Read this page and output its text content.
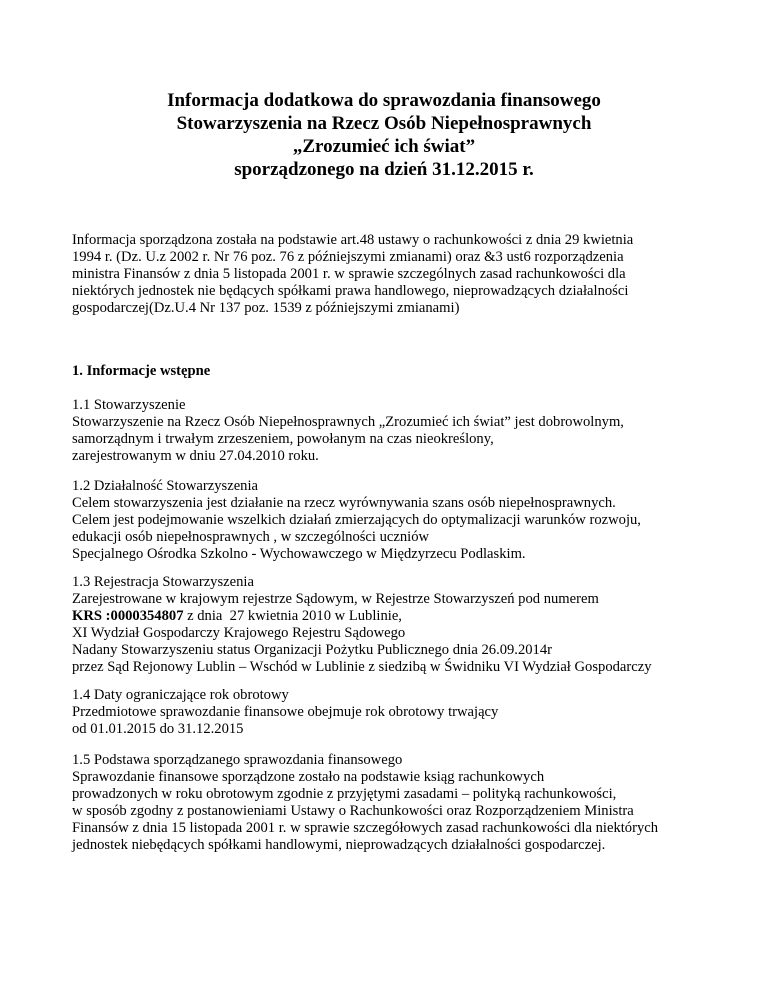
Informacja dodatkowa do sprawozdania finansowego
Stowarzyszenia na Rzecz Osób Niepełnosprawnych
„Zrozumieć ich świat”
sporządzonego na dzień 31.12.2015 r.
Informacja sporządzona została na podstawie art.48 ustawy o rachunkowości z dnia 29 kwietnia
1994 r. (Dz. U.z 2002 r. Nr 76 poz. 76 z późniejszymi zmianami) oraz &3 ust6 rozporządzenia
ministra Finansów z dnia 5 listopada 2001 r. w sprawie szczególnych zasad rachunkowości dla
niektórych jednostek nie będących spółkami prawa handlowego, nieprowadzących działalności
gospodarczej(Dz.U.4 Nr 137 poz. 1539 z późniejszymi zmianami)
1. Informacje wstępne
1.1 Stowarzyszenie
Stowarzyszenie na Rzecz Osób Niepełnosprawnych „Zrozumieć ich świat” jest dobrowolnym,
samorządnym i trwałym zrzeszeniem, powołanym na czas nieokreślony,
zarejestrowanym w dniu 27.04.2010 roku.
1.2 Działalność Stowarzyszenia
Celem stowarzyszenia jest działanie na rzecz wyrównywania szans osób niepełnosprawnych.
Celem jest podejmowanie wszelkich działań zmierzających do optymalizacji warunków rozwoju,
edukacji osób niepełnosprawnych , w szczególności uczniów
Specjalnego Ośrodka Szkolno - Wychowawczego w Międzyrzecu Podlaskim.
1.3 Rejestracja Stowarzyszenia
Zarejestrowane w krajowym rejestrze Sądowym, w Rejestrze Stowarzyszeń pod numerem
KRS :0000354807 z dnia  27 kwietnia 2010 w Lublinie,
XI Wydział Gospodarczy Krajowego Rejestru Sądowego
Nadany Stowarzyszeniu status Organizacji Pożytku Publicznego dnia 26.09.2014r
przez Sąd Rejonowy Lublin – Wschód w Lublinie z siedzibą w Świdniku VI Wydział Gospodarczy
1.4 Daty ograniczające rok obrotowy
Przedmiotowe sprawozdanie finansowe obejmuje rok obrotowy trwający
od 01.01.2015 do 31.12.2015
1.5 Podstawa sporządzanego sprawozdania finansowego
Sprawozdanie finansowe sporządzone zostało na podstawie ksiąg rachunkowych
prowadzonych w roku obrotowym zgodnie z przyjętymi zasadami – polityką rachunkowości,
w sposób zgodny z postanowieniami Ustawy o Rachunkowości oraz Rozporządzeniem Ministra
Finansów z dnia 15 listopada 2001 r. w sprawie szczegółowych zasad rachunkowości dla niektórych
jednostek niebędących spółkami handlowymi, nieprowadzących działalności gospodarczej.
